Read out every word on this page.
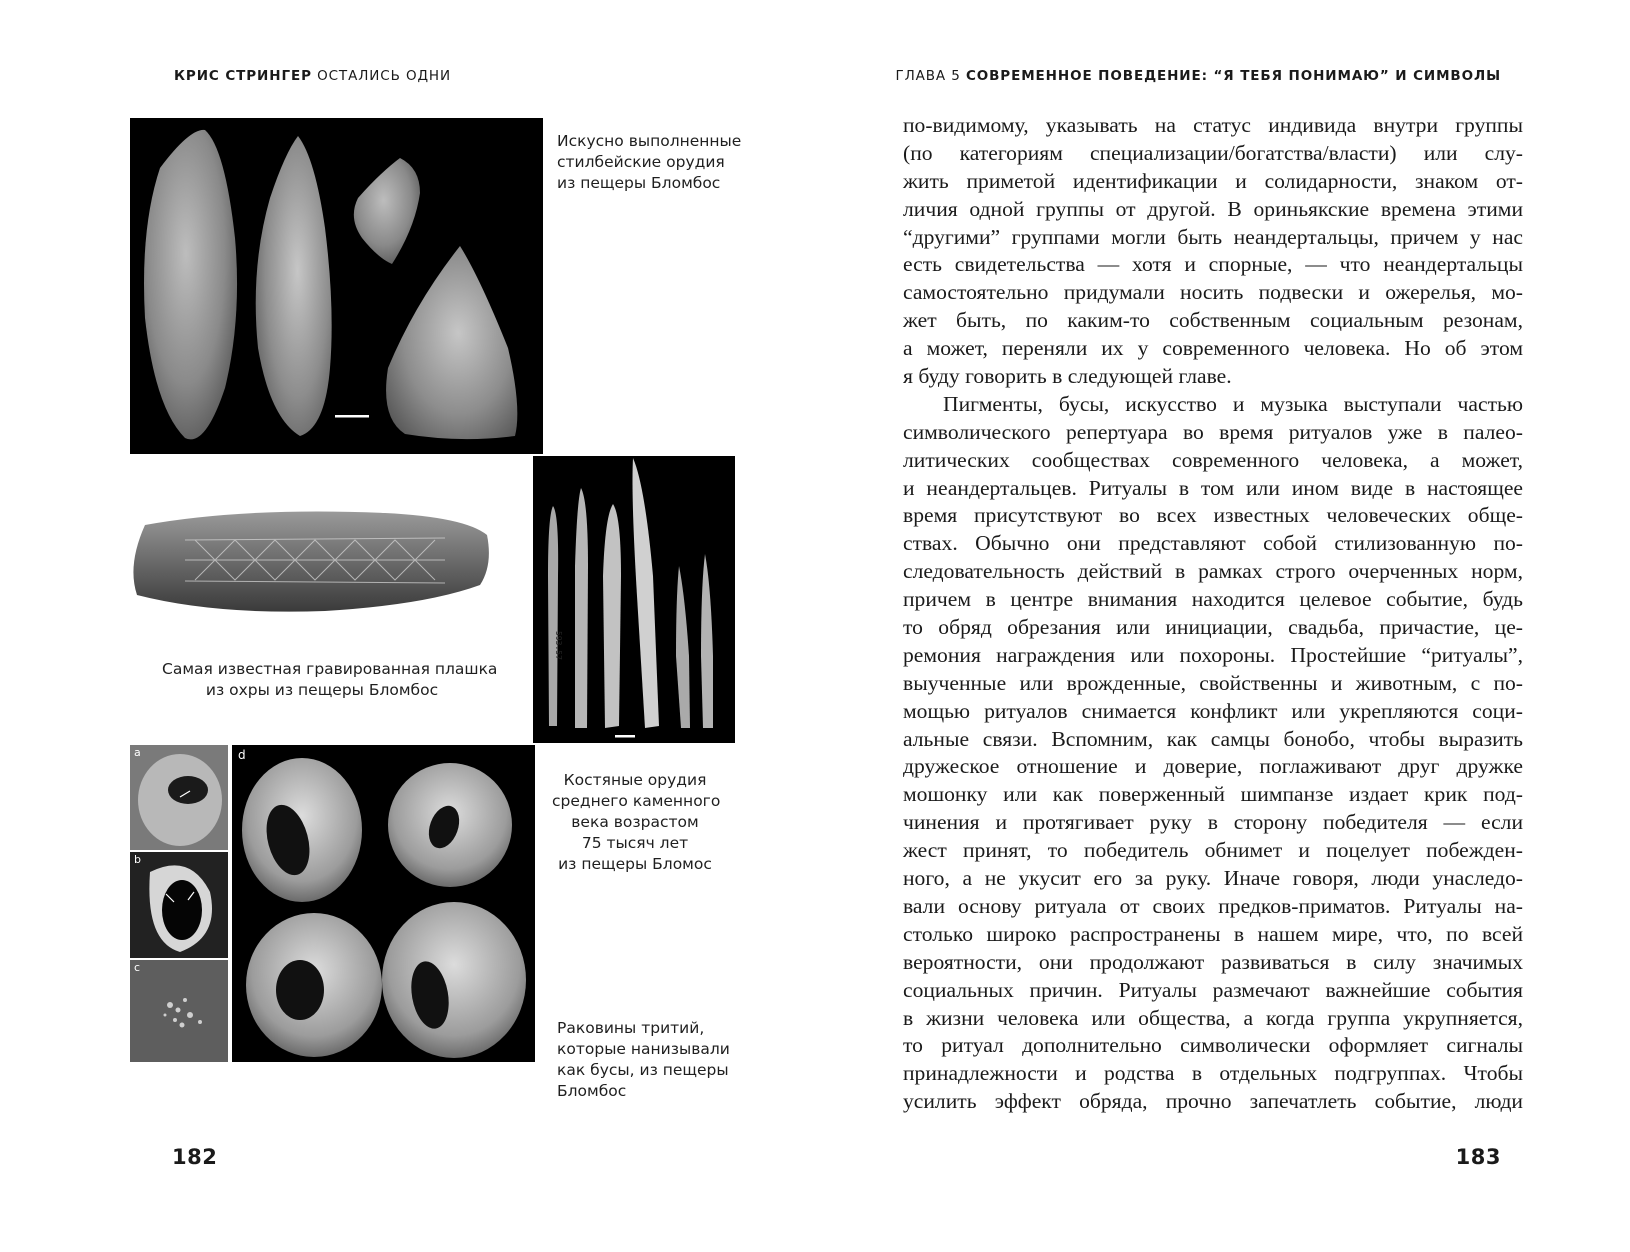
КРИС СТРИНГЕР ОСТАЛИСЬ ОДНИ
Искусно выполненные
стилбейские орудия
из пещеры Бломбос
Самая известная гравированная плашка
из охры из пещеры Бломбос
593.57
a
b
c
d
Костяные орудия
среднего каменного
века возрастом
75 тысяч лет
из пещеры Бломос
Раковины тритий,
которые нанизывали
как бусы, из пещеры
Бломбос
182
ГЛАВА 5 СОВРЕМЕННОЕ ПОВЕДЕНИЕ: “Я ТЕБЯ ПОНИМАЮ” И СИМВОЛЫ
по-видимому, указывать на статус индивида внутри группы
(по категориям специализации/богатства/власти) или слу-
жить приметой идентификации и солидарности, знаком от-
личия одной группы от другой. В ориньякские времена этими
“другими” группами могли быть неандертальцы, причем у нас
есть свидетельства — хотя и спорные, — что неандертальцы
самостоятельно придумали носить подвески и ожерелья, мо-
жет быть, по каким-то собственным социальным резонам,
а может, переняли их у современного человека. Но об этом
я буду говорить в следующей главе.
Пигменты, бусы, искусство и музыка выступали частью
символического репертуара во время ритуалов уже в палео-
литических сообществах современного человека, а может,
и неандертальцев. Ритуалы в том или ином виде в настоящее
время присутствуют во всех известных человеческих обще-
ствах. Обычно они представляют собой стилизованную по-
следовательность действий в рамках строго очерченных норм,
причем в центре внимания находится целевое событие, будь
то обряд обрезания или инициации, свадьба, причастие, це-
ремония награждения или похороны. Простейшие “ритуалы”,
выученные или врожденные, свойственны и животным, с по-
мощью ритуалов снимается конфликт или укрепляются соци-
альные связи. Вспомним, как самцы бонобо, чтобы выразить
дружеское отношение и доверие, поглаживают друг дружке
мошонку или как поверженный шимпанзе издает крик под-
чинения и протягивает руку в сторону победителя — если
жест принят, то победитель обнимет и поцелует побежден-
ного, а не укусит его за руку. Иначе говоря, люди унаследо-
вали основу ритуала от своих предков-приматов. Ритуалы на-
столько широко распространены в нашем мире, что, по всей
вероятности, они продолжают развиваться в силу значимых
социальных причин. Ритуалы размечают важнейшие события
в жизни человека или общества, а когда группа укрупняется,
то ритуал дополнительно символически оформляет сигналы
принадлежности и родства в отдельных подгруппах. Чтобы
усилить эффект обряда, прочно запечатлеть событие, люди
183
